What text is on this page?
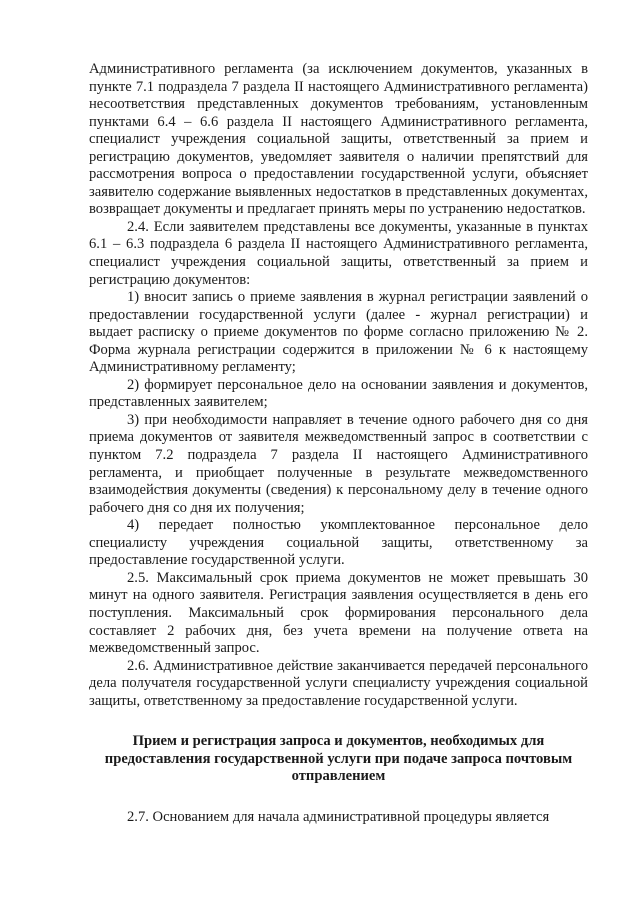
Административного регламента (за исключением документов, указанных в пункте 7.1 подраздела 7 раздела II настоящего Административного регламента) несоответствия представленных документов требованиям, установленным пунктами 6.4 – 6.6 раздела II настоящего Административного регламента, специалист учреждения социальной защиты, ответственный за прием и регистрацию документов, уведомляет заявителя о наличии препятствий для рассмотрения вопроса о предоставлении государственной услуги, объясняет заявителю содержание выявленных недостатков в представленных документах, возвращает документы и предлагает принять меры по устранению недостатков.

2.4. Если заявителем представлены все документы, указанные в пунктах 6.1 – 6.3 подраздела 6 раздела II настоящего Административного регламента, специалист учреждения социальной защиты, ответственный за прием и регистрацию документов:

1) вносит запись о приеме заявления в журнал регистрации заявлений о предоставлении государственной услуги (далее - журнал регистрации) и выдает расписку о приеме документов по форме согласно приложению № 2. Форма журнала регистрации содержится в приложении № 6 к настоящему Административному регламенту;

2) формирует персональное дело на основании заявления и документов, представленных заявителем;

3) при необходимости направляет в течение одного рабочего дня со дня приема документов от заявителя межведомственный запрос в соответствии с пунктом 7.2 подраздела 7 раздела II настоящего Административного регламента, и приобщает полученные в результате межведомственного взаимодействия документы (сведения) к персональному делу в течение одного рабочего дня со дня их получения;

4) передает полностью укомплектованное персональное дело специалисту учреждения социальной защиты, ответственному за предоставление государственной услуги.

2.5. Максимальный срок приема документов не может превышать 30 минут на одного заявителя. Регистрация заявления осуществляется в день его поступления. Максимальный срок формирования персонального дела составляет 2 рабочих дня, без учета времени на получение ответа на межведомственный запрос.

2.6. Административное действие заканчивается передачей персонального дела получателя государственной услуги специалисту учреждения социальной защиты, ответственному за предоставление государственной услуги.

Прием и регистрация запроса и документов, необходимых для
предоставления государственной услуги при подаче запроса почтовым
отправлением

2.7. Основанием для начала административной процедуры является
